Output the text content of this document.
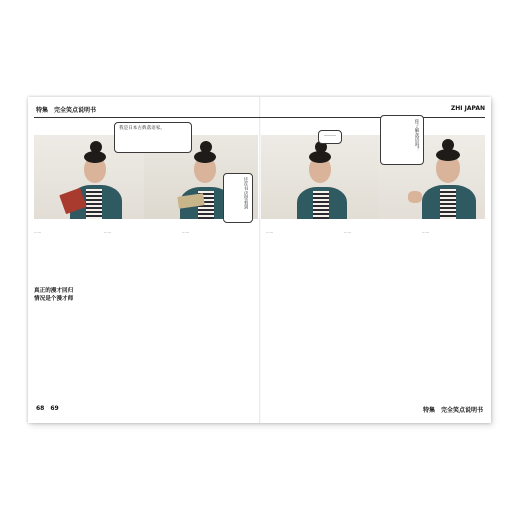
特集 完全笑点说明书	ZHI JAPAN
我是日本古典落语家。
还在书店里看到
……	你了解落语吗？
……	……	……	……	……	……
真正的漫才回归
情况是个漫才师
68 69	特集 完全笑点说明书
